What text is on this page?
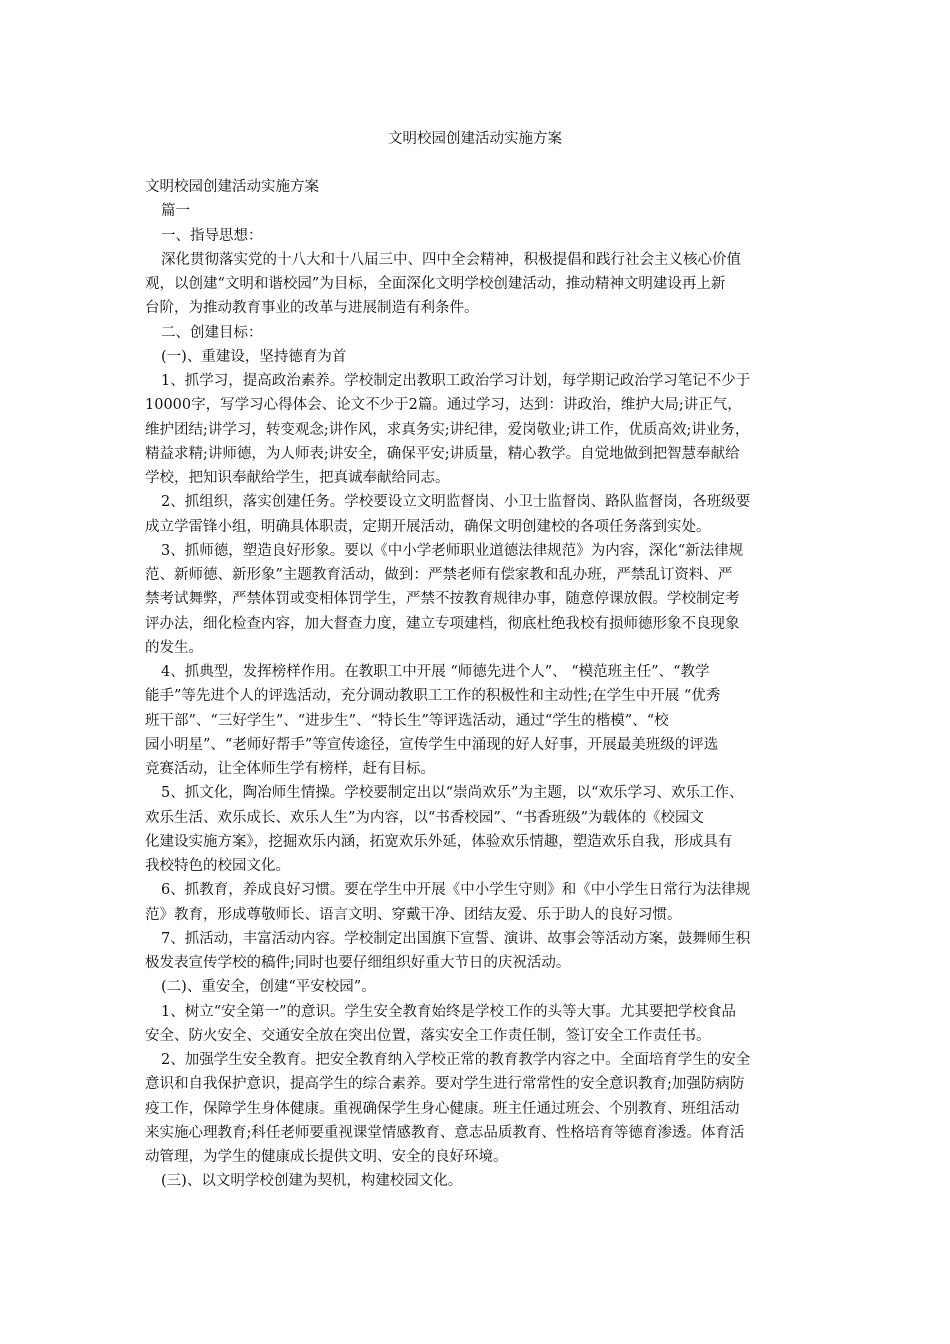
文明校园创建活动实施方案

文明校园创建活动实施方案

篇一

一、指导思想：

深化贯彻落实党的十八大和十八届三中、四中全会精神，积极提倡和践行社会主义核心价值

观，以创建“文明和谐校园”为目标，全面深化文明学校创建活动，推动精神文明建设再上新

台阶，为推动教育事业的改革与进展制造有利条件。

二、创建目标：

(一)、重建设，坚持德育为首

1、抓学习，提高政治素养。学校制定出教职工政治学习计划，每学期记政治学习笔记不少于

10000字，写学习心得体会、论文不少于2篇。通过学习，达到：讲政治，维护大局;讲正气，

维护团结;讲学习，转变观念;讲作风，求真务实;讲纪律，爱岗敬业;讲工作，优质高效;讲业务，

精益求精;讲师德，为人师表;讲安全，确保平安;讲质量，精心教学。自觉地做到把智慧奉献给

学校，把知识奉献给学生，把真诚奉献给同志。

2、抓组织，落实创建任务。学校要设立文明监督岗、小卫士监督岗、路队监督岗，各班级要

成立学雷锋小组，明确具体职责，定期开展活动，确保文明创建校的各项任务落到实处。

3、抓师德，塑造良好形象。要以《中小学老师职业道德法律规范》为内容，深化“新法律规

范、新师德、新形象”主题教育活动，做到：严禁老师有偿家教和乱办班，严禁乱订资料、严

禁考试舞弊，严禁体罚或变相体罚学生，严禁不按教育规律办事，随意停课放假。学校制定考

评办法，细化检查内容，加大督查力度，建立专项建档，彻底杜绝我校有损师德形象不良现象

的发生。

4、抓典型，发挥榜样作用。在教职工中开展 “师德先进个人”、 “模范班主任”、“教学

能手”等先进个人的评选活动，充分调动教职工工作的积极性和主动性;在学生中开展 “优秀

班干部”、“三好学生”、“进步生”、“特长生”等评选活动，通过“学生的楷模”、“校

园小明星”、“老师好帮手”等宣传途径，宣传学生中涌现的好人好事，开展最美班级的评选

竞赛活动，让全体师生学有榜样，赶有目标。

5、抓文化，陶冶师生情操。学校要制定出以“崇尚欢乐”为主题，以“欢乐学习、欢乐工作、

欢乐生活、欢乐成长、欢乐人生”为内容，以“书香校园”、“书香班级”为载体的《校园文

化建设实施方案》，挖掘欢乐内涵，拓宽欢乐外延，体验欢乐情趣，塑造欢乐自我，形成具有

我校特色的校园文化。

6、抓教育，养成良好习惯。要在学生中开展《中小学生守则》和《中小学生日常行为法律规

范》教育，形成尊敬师长、语言文明、穿戴干净、团结友爱、乐于助人的良好习惯。

7、抓活动，丰富活动内容。学校制定出国旗下宣誓、演讲、故事会等活动方案，鼓舞师生积

极发表宣传学校的稿件;同时也要仔细组织好重大节日的庆祝活动。

(二)、重安全，创建“平安校园”。

1、树立“安全第一”的意识。学生安全教育始终是学校工作的头等大事。尤其要把学校食品

安全、防火安全、交通安全放在突出位置，落实安全工作责任制，签订安全工作责任书。

2、加强学生安全教育。把安全教育纳入学校正常的教育教学内容之中。全面培育学生的安全

意识和自我保护意识，提高学生的综合素养。要对学生进行常常性的安全意识教育;加强防病防

疫工作，保障学生身体健康。重视确保学生身心健康。班主任通过班会、个别教育、班组活动

来实施心理教育;科任老师要重视课堂情感教育、意志品质教育、性格培育等德育渗透。体育活

动管理，为学生的健康成长提供文明、安全的良好环境。

(三)、以文明学校创建为契机，构建校园文化。
